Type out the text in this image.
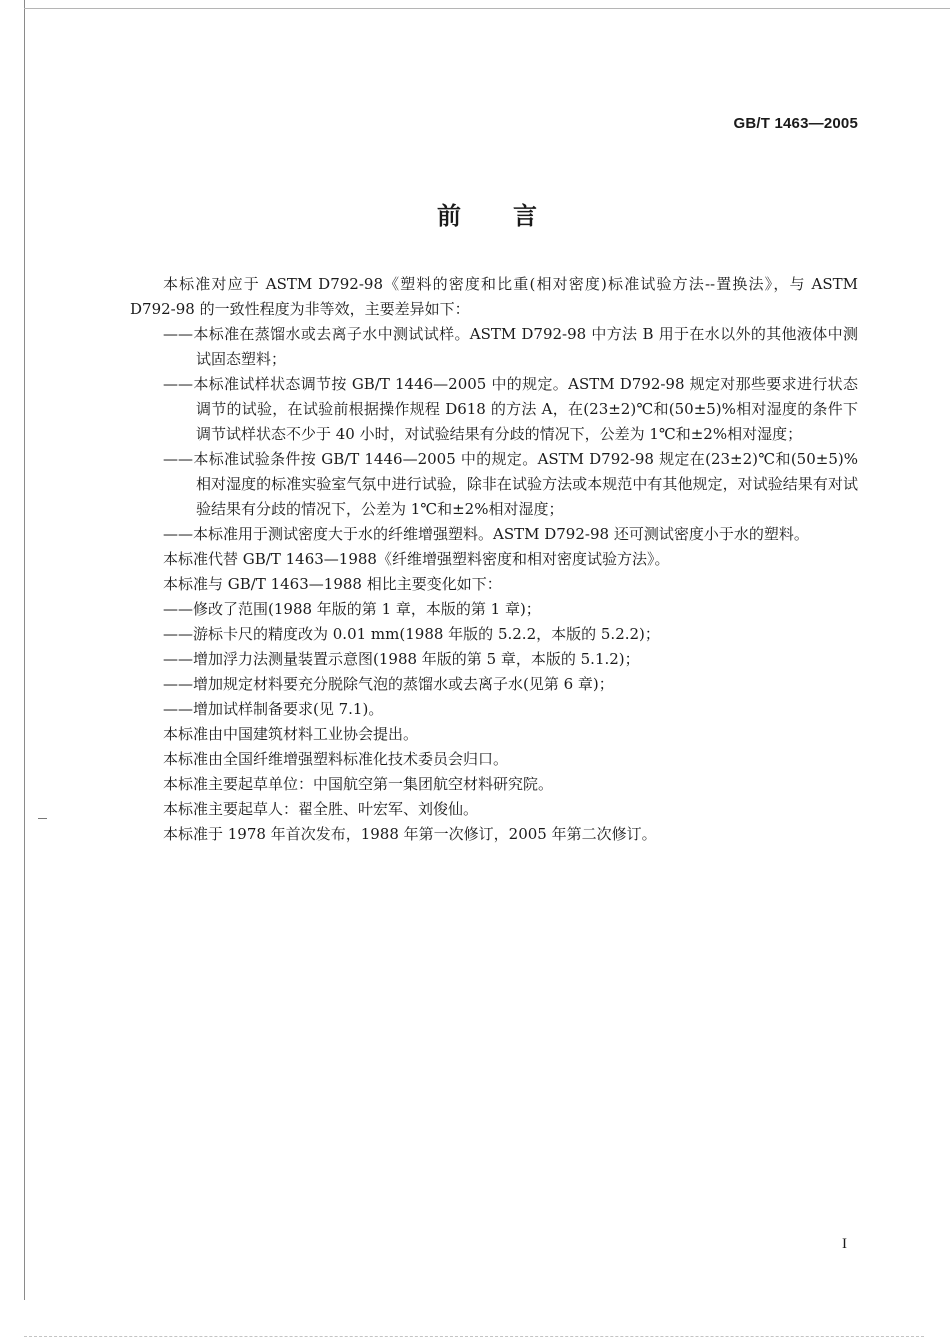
GB/T 1463—2005
前　言

本标准对应于 ASTM D792-98《塑料的密度和比重(相对密度)标准试验方法--置换法》，与 ASTM D792-98 的一致性程度为非等效，主要差异如下：

——本标准在蒸馏水或去离子水中测试试样。ASTM D792-98 中方法 B 用于在水以外的其他液体中测试固态塑料；

——本标准试样状态调节按 GB/T 1446—2005 中的规定。ASTM D792-98 规定对那些要求进行状态调节的试验，在试验前根据操作规程 D618 的方法 A，在(23±2)℃和(50±5)%相对湿度的条件下调节试样状态不少于 40 小时，对试验结果有分歧的情况下，公差为 1℃和±2%相对湿度；

——本标准试验条件按 GB/T 1446—2005 中的规定。ASTM D792-98 规定在(23±2)℃和(50±5)%相对湿度的标准实验室气氛中进行试验，除非在试验方法或本规范中有其他规定，对试验结果有对试验结果有分歧的情况下，公差为 1℃和±2%相对湿度；

——本标准用于测试密度大于水的纤维增强塑料。ASTM D792-98 还可测试密度小于水的塑料。

本标准代替 GB/T 1463—1988《纤维增强塑料密度和相对密度试验方法》。

本标准与 GB/T 1463—1988 相比主要变化如下：

——修改了范围(1988 年版的第 1 章，本版的第 1 章)；

——游标卡尺的精度改为 0.01 mm(1988 年版的 5.2.2，本版的 5.2.2)；

——增加浮力法测量装置示意图(1988 年版的第 5 章，本版的 5.1.2)；

——增加规定材料要充分脱除气泡的蒸馏水或去离子水(见第 6 章)；

——增加试样制备要求(见 7.1)。

本标准由中国建筑材料工业协会提出。

本标准由全国纤维增强塑料标准化技术委员会归口。

本标准主要起草单位：中国航空第一集团航空材料研究院。

本标准主要起草人：翟全胜、叶宏军、刘俊仙。

本标准于 1978 年首次发布，1988 年第一次修订，2005 年第二次修订。

I
